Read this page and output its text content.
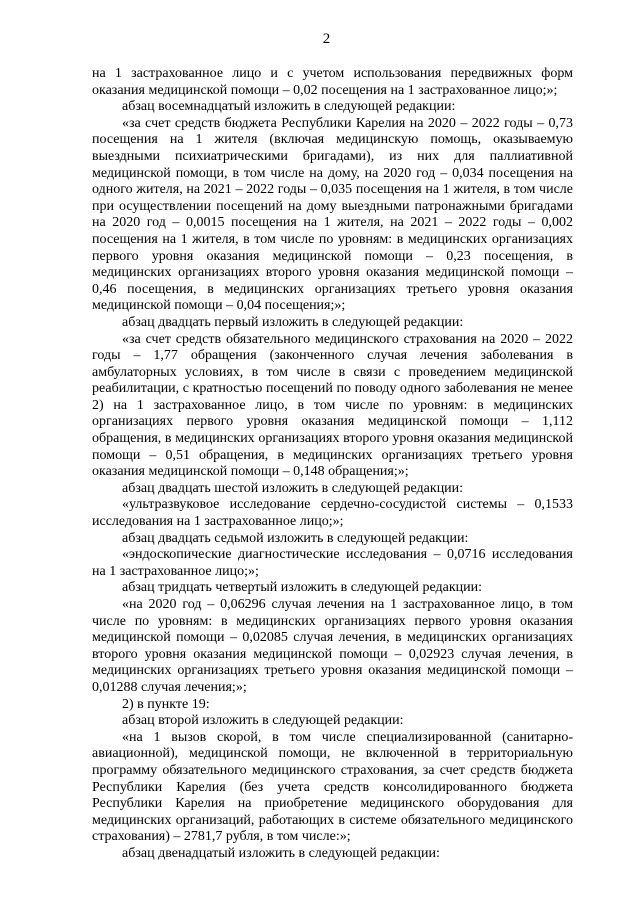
2

на 1 застрахованное лицо и с учетом использования передвижных форм оказания медицинской помощи – 0,02 посещения на 1 застрахованное лицо;»;

абзац восемнадцатый изложить в следующей редакции:

«за счет средств бюджета Республики Карелия на 2020 – 2022 годы – 0,73 посещения на 1 жителя (включая медицинскую помощь, оказываемую выездными психиатрическими бригадами), из них для паллиативной медицинской помощи, в том числе на дому, на 2020 год – 0,034 посещения на одного жителя, на 2021 – 2022 годы – 0,035 посещения на 1 жителя, в том числе при осуществлении посещений на дому выездными патронажными бригадами на 2020 год – 0,0015 посещения на 1 жителя, на 2021 – 2022 годы – 0,002 посещения на 1 жителя, в том числе по уровням: в медицинских организациях первого уровня оказания медицинской помощи – 0,23 посещения, в медицинских организациях второго уровня оказания медицинской помощи – 0,46 посещения, в медицинских организациях третьего уровня оказания медицинской помощи – 0,04 посещения;»;

абзац двадцать первый изложить в следующей редакции:

«за счет средств обязательного медицинского страхования на 2020 – 2022 годы – 1,77 обращения (законченного случая лечения заболевания в амбулаторных условиях, в том числе в связи с проведением медицинской реабилитации, с кратностью посещений по поводу одного заболевания не менее 2) на 1 застрахованное лицо, в том числе по уровням: в медицинских организациях первого уровня оказания медицинской помощи – 1,112 обращения, в медицинских организациях второго уровня оказания медицинской помощи – 0,51 обращения, в медицинских организациях третьего уровня оказания медицинской помощи – 0,148 обращения;»;

абзац двадцать шестой изложить в следующей редакции:

«ультразвуковое исследование сердечно-сосудистой системы – 0,1533 исследования на 1 застрахованное лицо;»;

абзац двадцать седьмой изложить в следующей редакции:

«эндоскопические диагностические исследования – 0,0716 исследования на 1 застрахованное лицо;»;

абзац тридцать четвертый изложить в следующей редакции:

«на 2020 год – 0,06296 случая лечения на 1 застрахованное лицо, в том числе по уровням: в медицинских организациях первого уровня оказания медицинской помощи – 0,02085 случая лечения, в медицинских организациях второго уровня оказания медицинской помощи – 0,02923 случая лечения, в медицинских организациях третьего уровня оказания медицинской помощи – 0,01288 случая лечения;»;

2) в пункте 19:

абзац второй изложить в следующей редакции:

«на 1 вызов скорой, в том числе специализированной (санитарно-авиационной), медицинской помощи, не включенной в территориальную программу обязательного медицинского страхования, за счет средств бюджета Республики Карелия (без учета средств консолидированного бюджета Республики Карелия на приобретение медицинского оборудования для медицинских организаций, работающих в системе обязательного медицинского страхования) – 2781,7 рубля, в том числе:»;

абзац двенадцатый изложить в следующей редакции:
